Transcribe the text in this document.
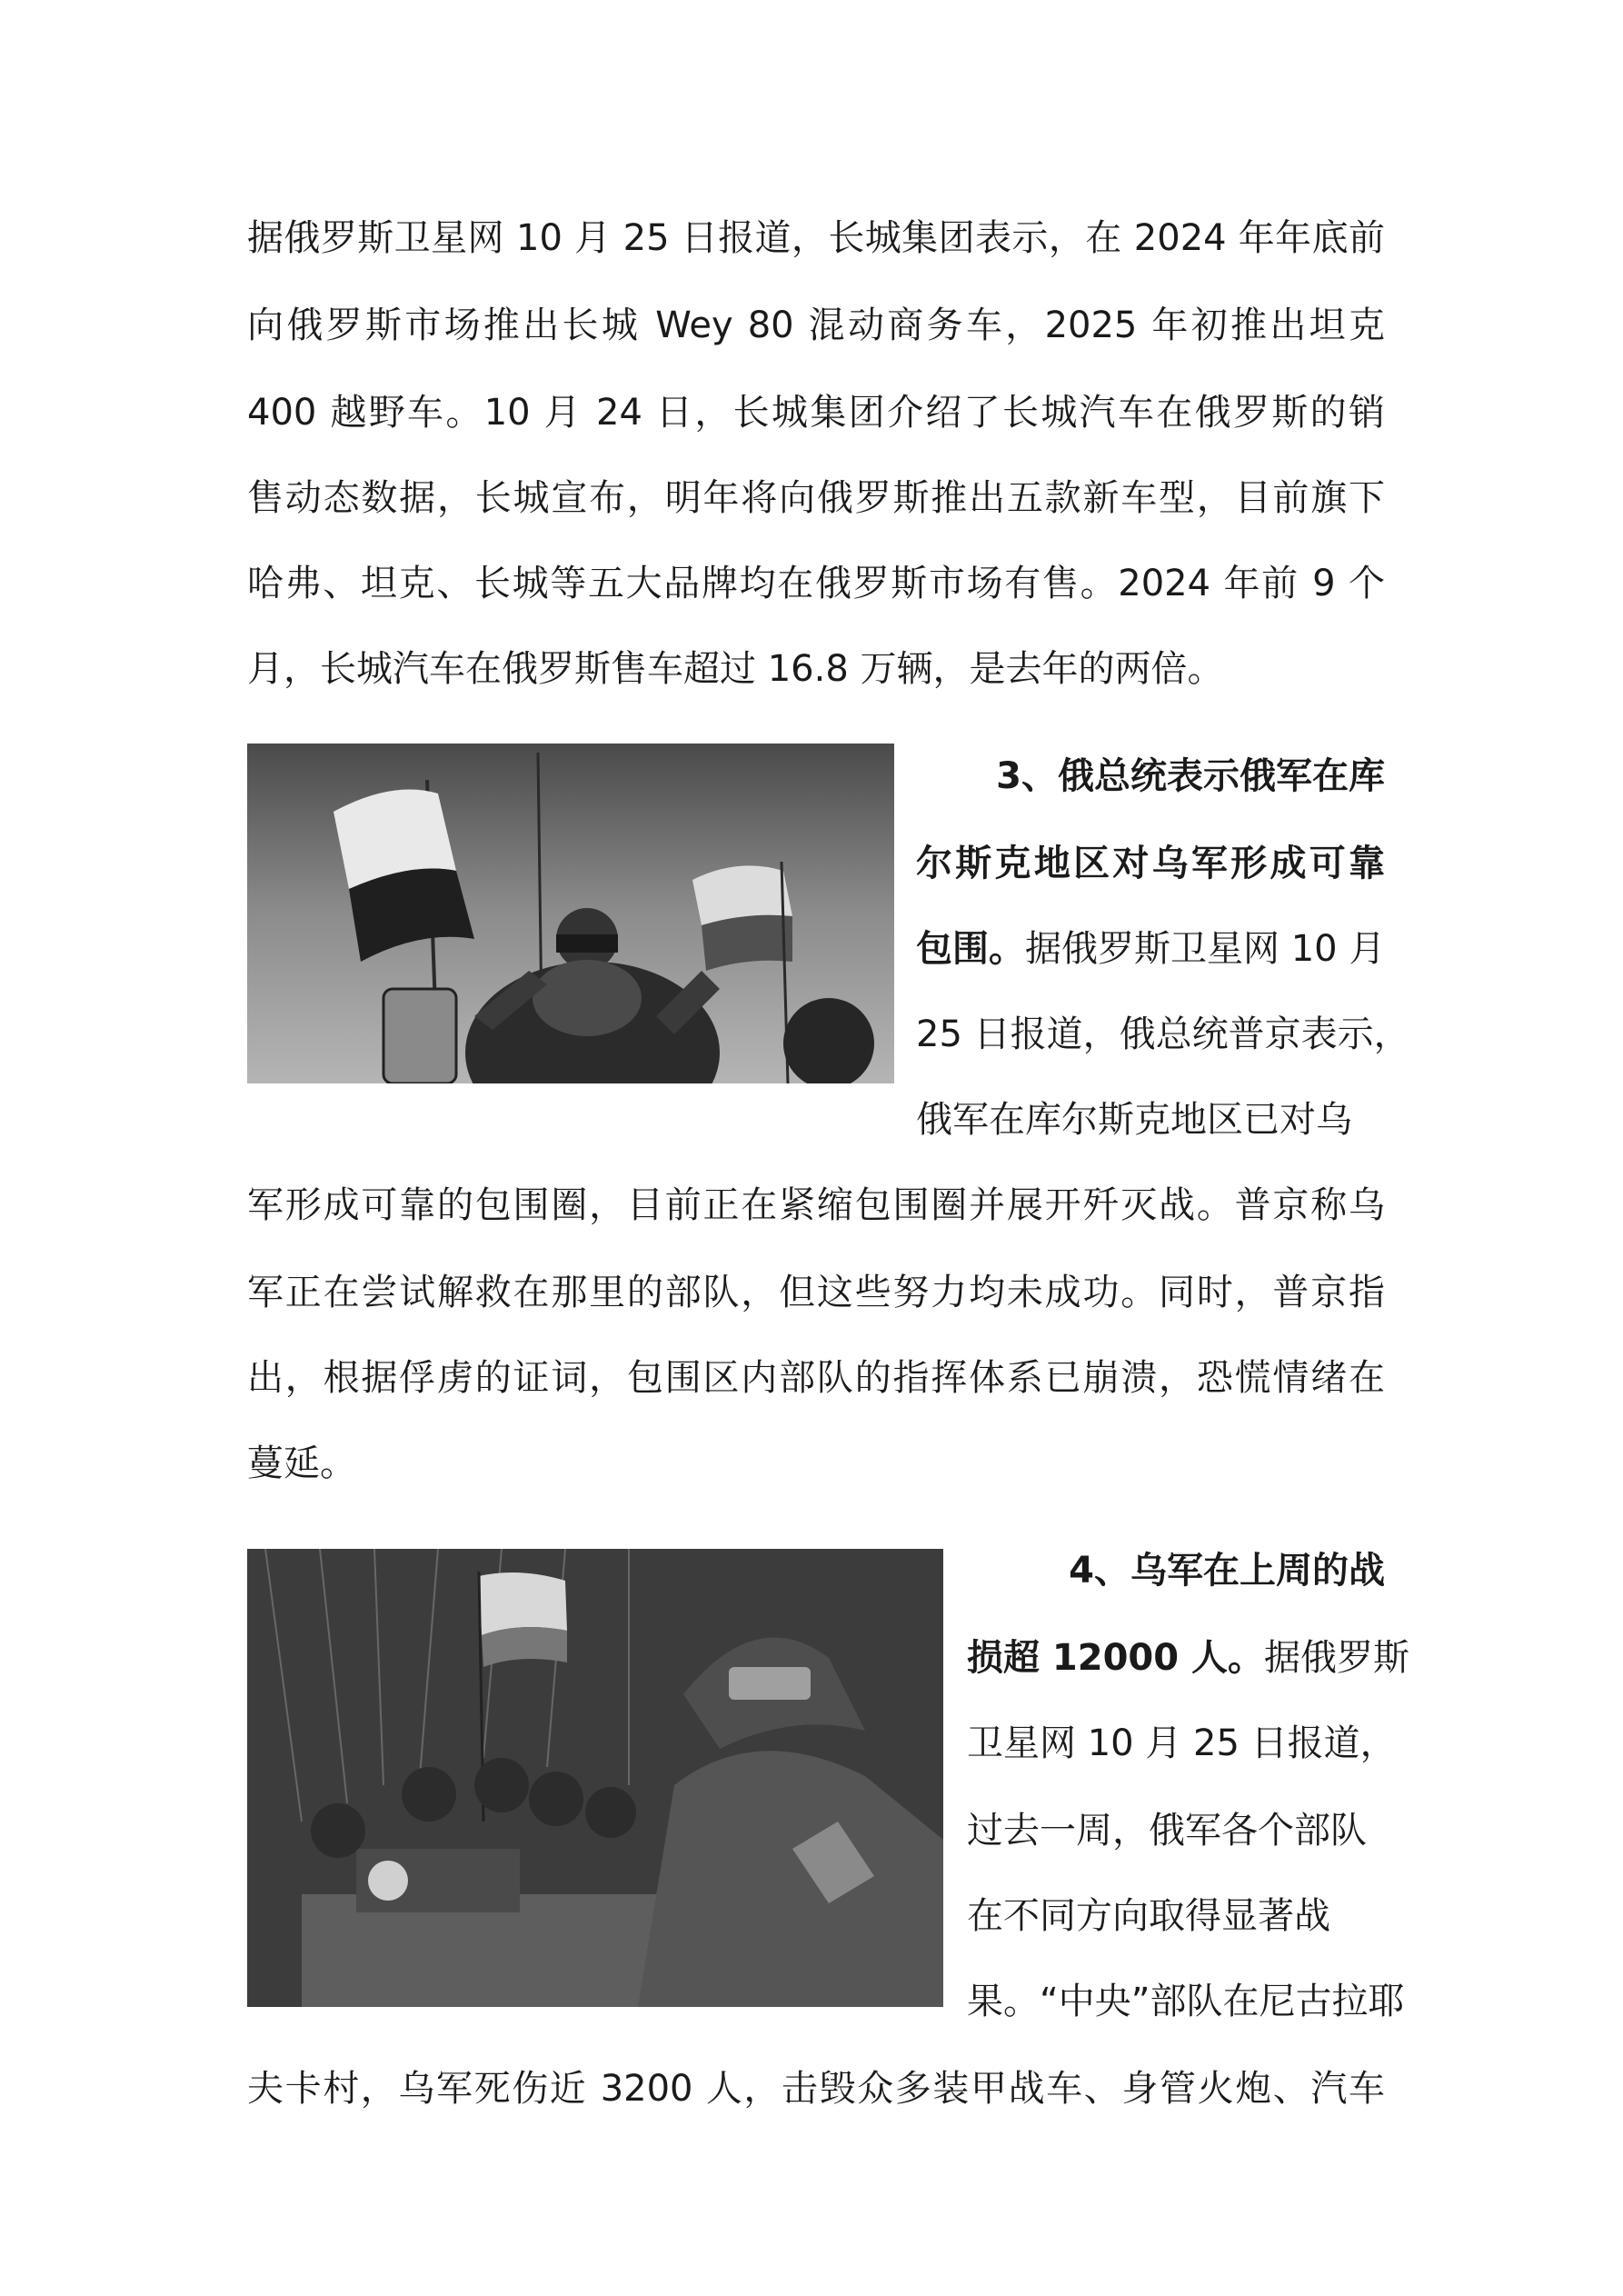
据俄罗斯卫星网 10 月 25 日报道，长城集团表示，在 2024 年年底前
向俄罗斯市场推出长城 Wey 80 混动商务车，2025 年初推出坦克
400 越野车。10 月 24 日，长城集团介绍了长城汽车在俄罗斯的销
售动态数据，长城宣布，明年将向俄罗斯推出五款新车型，目前旗下
哈弗、坦克、长城等五大品牌均在俄罗斯市场有售。2024 年前 9 个
月，长城汽车在俄罗斯售车超过 16.8 万辆，是去年的两倍。
3、俄总统表示俄军在库
尔斯克地区对乌军形成可靠
包围。据俄罗斯卫星网 10 月
25 日报道，俄总统普京表示，
俄军在库尔斯克地区已对乌
军形成可靠的包围圈，目前正在紧缩包围圈并展开歼灭战。普京称乌
军正在尝试解救在那里的部队，但这些努力均未成功。同时，普京指
出，根据俘虏的证词，包围区内部队的指挥体系已崩溃，恐慌情绪在
蔓延。
4、乌军在上周的战
损超 12000 人。据俄罗斯
卫星网 10 月 25 日报道，
过去一周，俄军各个部队
在不同方向取得显著战
果。“中央”部队在尼古拉耶
夫卡村，乌军死伤近 3200 人，击毁众多装甲战车、身管火炮、汽车
